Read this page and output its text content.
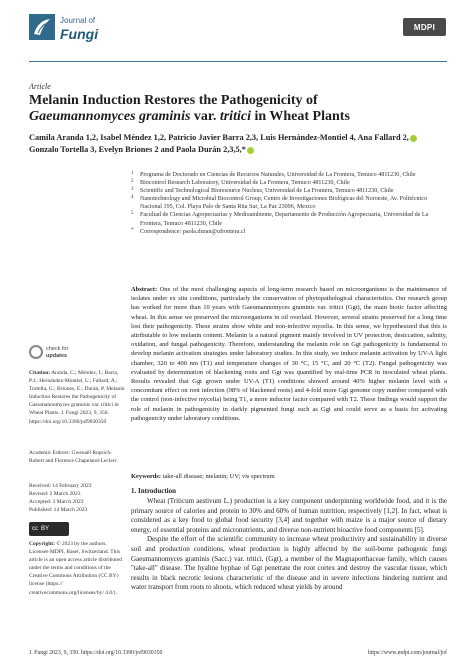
Journal of
Fungi	MDPI
Article
Melanin Induction Restores the Pathogenicity of
Gaeumannomyces graminis var. tritici in Wheat Plants
Camila Aranda 1,2, Isabel Méndez 1,2, Patricio Javier Barra 2,3, Luis Hernández-Montiel 4, Ana Fallard 2,
Gonzalo Tortella 3, Evelyn Briones 2 and Paola Durán 2,3,5,*
1 Programa de Doctorado en Ciencias de Recursos Naturales, Universidad de La Frontera, Temuco 4811230, Chile
2 Biocontrol Research Laboratory, Universidad de La Frontera, Temuco 4811230, Chile
3 Scientific and Technological Bioresource Nucleus, Universidad de La Frontera, Temuco 4811230, Chile
4 Nanotechnology and Microbial Biocontrol Group, Centro de Investigaciones Biológicas del Noroeste, Av. Politécnico Nacional 195, Col. Playa Palo de Santa Rita Sur, La Paz 23096, Mexico
5 Facultad de Ciencias Agropecuarias y Medioambiente, Departamento de Producción Agropecuaria, Universidad de La Frontera, Temuco 4811230, Chile
* Correspondence: paola.duran@ufrontera.cl
Abstract: One of the most challenging aspects of long-term research based on microorganisms is the maintenance of isolates under ex situ conditions, particularly the conservation of phytopathological characteristics. Our research group has worked for more than 10 years with Gaeumannomyces graminis var. tritici (Ggt), the main biotic factor affecting wheat. In this sense we preserved the microorganisms in oil overlaid. However, several strains preserved for a long time lost their pathogenicity. These strains show white and non-infective mycelia. In this sense, we hypothesized that this is attributable to low melanin content. Melanin is a natural pigment mainly involved in UV protection, desiccation, salinity, oxidation, and fungal pathogenicity. Therefore, understanding the melanin role on Ggt pathogenicity is fundamental to develop melanin activation strategies under laboratory studies. In this study, we induce melanin activation by UV-A light chamber, 320 to 400 nm (T1) and temperature changes of 30 °C, 15 °C, and 20 °C (T2). Fungal pathogenicity was evaluated by determination of blackening roots and Ggt was quantified by real-time PCR in inoculated wheat plants. Results revealed that Ggt grown under UV-A (T1) conditions showed around 40% higher melanin level with a concomitant effect on root infection (98% of blackened roots) and 4-fold more Ggt genome copy number compared with the control (non-infective mycelia) being T1, a more inductor factor compared with T2. These findings would support the role of melanin in pathogenicity in darkly pigmented fungi such as Ggt and could serve as a basis for activating pathogenicity under laboratory conditions.
Keywords: take-all disease; melanin; UV; vis spectrum
check for
updates
Citation: Aranda, C.; Méndez, I.; Barra, P.J.; Hernández-Montiel, L.; Fallard, A.; Tortella, G.; Briones, E.; Durán, P. Melanin Induction Restores the Pathogenicity of Gaeumannomyces graminis var. tritici in Wheat Plants. J. Fungi 2023, 9, 350. https://doi.org/10.3390/jof9030350
Academic Editors: Gwenaël Ruprich-Robert and Florence Chapeland-Leclerc
Received: 14 February 2023
Revised: 2 March 2023
Accepted: 3 March 2023
Published: 14 March 2023
cc BY
Copyright: © 2023 by the authors. Licensee MDPI, Basel, Switzerland. This article is an open access article distributed under the terms and conditions of the Creative Commons Attribution (CC BY) license (https:// creativecommons.org/licenses/by/ 4.0/).
1. Introduction
Wheat (Triticum aestivum L.) production is a key component underpinning worldwide food, and it is the primary source of calories and protein to 30% and 60% of human nutrition, respectively [1,2]. In fact, wheat is considered as a key food to global food security [3,4] and together with maize is a major source of dietary energy, of essential proteins and micronutrients, and diverse non-nutrient bioactive food components [5].
Despite the effort of the scientific community to increase wheat productivity and sustainability in diverse soil and production conditions, wheat production is highly affected by the soil-borne pathogenic fungi Gaeumannomyces graminis (Sacc.) var. tritici, (Ggt), a member of the Magnaporthaceae family, which causes "take-all" disease. The hyaline hyphae of Ggt penetrate the root cortex and destroy the vascular tissue, which results in black necrotic lesions characteristic of the disease and in severe infections hindering nutrient and water transport from roots to shoots, which reduced wheat yields by around
J. Fungi 2023, 9, 350. https://doi.org/10.3390/jof9030350	https://www.mdpi.com/journal/jof
